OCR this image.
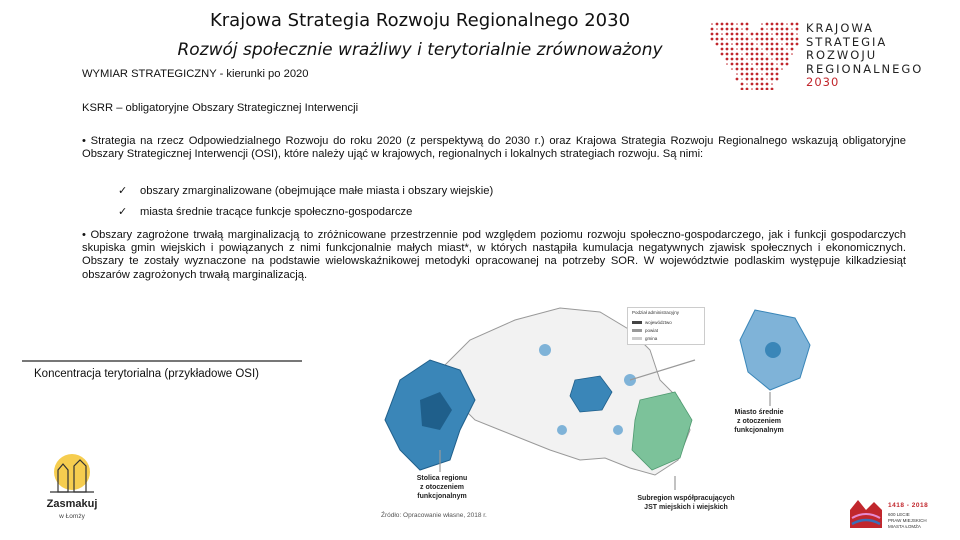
Krajowa Strategia Rozwoju Regionalnego 2030
Rozwój społecznie wrażliwy i terytorialnie zrównoważony
KRAJOWA
STRATEGIA
ROZWOJU
REGIONALNEGO
2030
WYMIAR STRATEGICZNY - kierunki po 2020
KSRR – obligatoryjne Obszary Strategicznej Interwencji
• Strategia na rzecz Odpowiedzialnego Rozwoju do roku 2020 (z perspektywą do 2030 r.) oraz Krajowa Strategia Rozwoju Regionalnego wskazują obligatoryjne Obszary Strategicznej Interwencji (OSI), które należy ująć w krajowych, regionalnych i lokalnych strategiach rozwoju. Są nimi:
✓ obszary zmarginalizowane (obejmujące małe miasta i obszary wiejskie)
✓ miasta średnie tracące funkcje społeczno-gospodarcze
• Obszary zagrożone trwałą marginalizacją to zróżnicowane przestrzennie pod względem poziomu rozwoju społeczno-gospodarczego, jak i funkcji gospodarczych skupiska gmin wiejskich i powiązanych z nimi funkcjonalnie małych miast*, w których nastąpiła kumulacja negatywnych zjawisk społecznych i ekonomicznych. Obszary te zostały wyznaczone na podstawie wielowskaźnikowej metodyki opracowanej na potrzeby SOR. W województwie podlaskim występuje kilkadziesiąt obszarów zagrożonych trwałą marginalizacją.
Koncentracja terytorialna (przykładowe OSI)
Podział administracyjny
województwo
powiat
gmina
Miasto średnie
z otoczeniem funkcjonalnym
Stolica regionu
z otoczeniem funkcjonalnym	Subregion współpracujących
JST miejskich i wiejskich
Źródło: Opracowanie własne, 2018 r.
Zasmakuj
w Łomży
1418 - 2018
600 LECIE
PRAW MIEJSKICH
MIASTA ŁOMŻA
